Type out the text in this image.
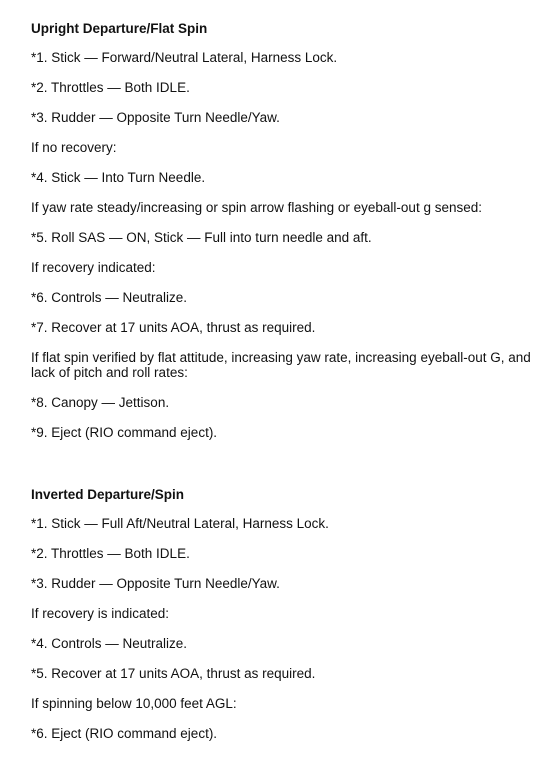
Upright Departure/Flat Spin
*1. Stick — Forward/Neutral Lateral, Harness Lock.
*2. Throttles — Both IDLE.
*3. Rudder — Opposite Turn Needle/Yaw.
If no recovery:
*4. Stick — Into Turn Needle.
If yaw rate steady/increasing or spin arrow flashing or eyeball-out g sensed:
*5. Roll SAS — ON, Stick — Full into turn needle and aft.
If recovery indicated:
*6. Controls — Neutralize.
*7. Recover at 17 units AOA, thrust as required.
If flat spin verified by flat attitude, increasing yaw rate, increasing eyeball-out G, and lack of pitch and roll rates:
*8. Canopy — Jettison.
*9. Eject (RIO command eject).
Inverted Departure/Spin
*1. Stick — Full Aft/Neutral Lateral, Harness Lock.
*2. Throttles — Both IDLE.
*3. Rudder — Opposite Turn Needle/Yaw.
If recovery is indicated:
*4. Controls — Neutralize.
*5. Recover at 17 units AOA, thrust as required.
If spinning below 10,000 feet AGL:
*6. Eject (RIO command eject).
